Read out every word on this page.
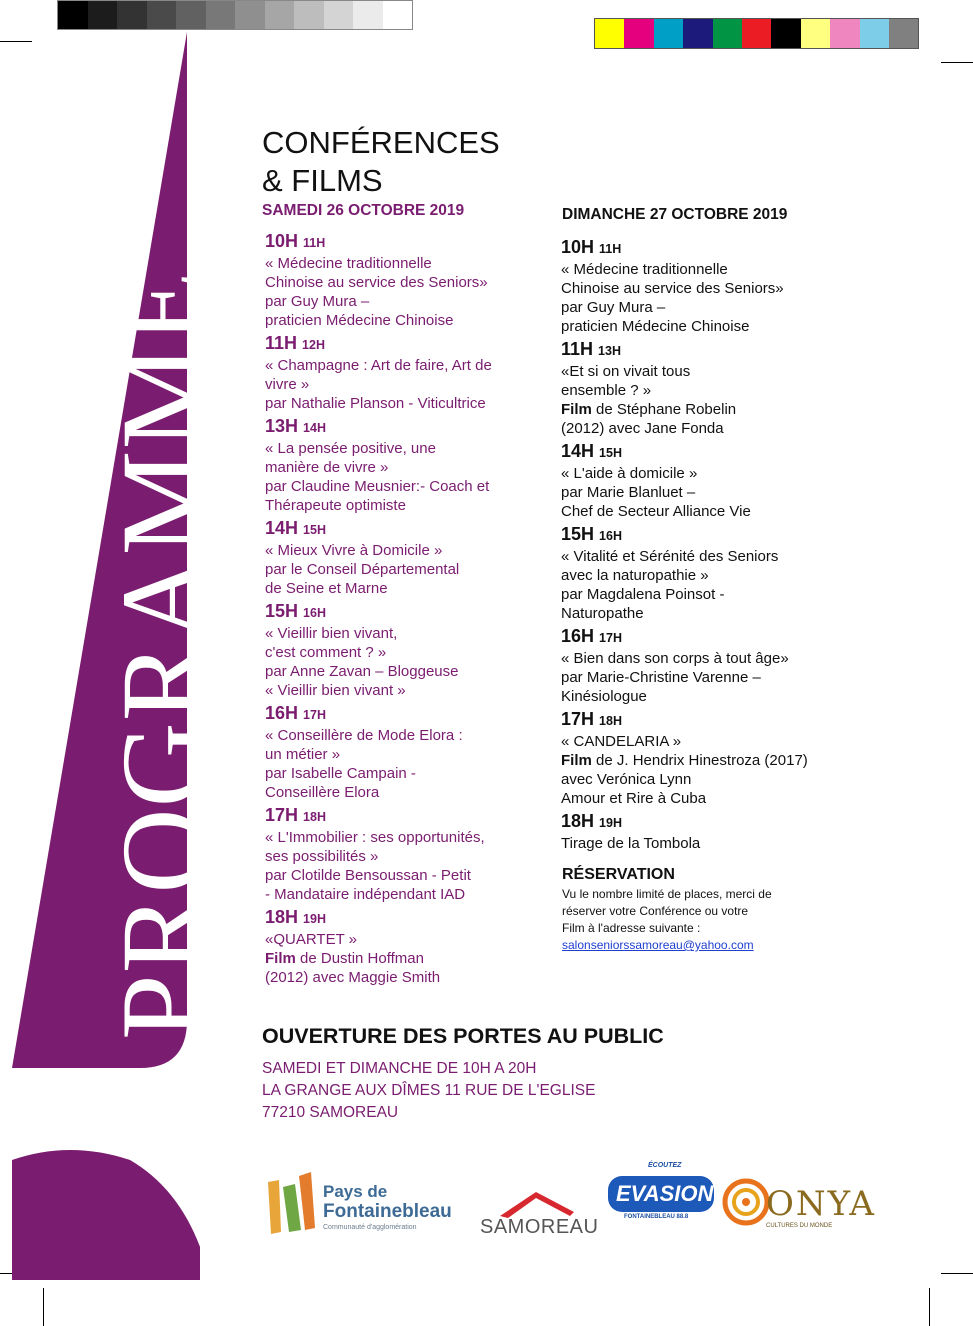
PROGRAMME
CONFÉRENCES
& FILMS
SAMEDI 26 OCTOBRE 2019	DIMANCHE 27 OCTOBRE 2019
10H 11H
« Médecine traditionnelle
Chinoise au service des Seniors»
par Guy Mura –
praticien Médecine Chinoise
11H 12H
« Champagne : Art de faire, Art de
vivre »
par Nathalie Planson - Viticultrice
13H 14H
« La pensée positive, une
manière de vivre »
par Claudine Meusnier:- Coach et
Thérapeute optimiste
14H 15H
« Mieux Vivre à Domicile »
par le Conseil Départemental
de Seine et Marne
15H 16H
« Vieillir bien vivant,
c'est comment ? »
par Anne Zavan – Bloggeuse
« Vieillir bien vivant »
16H 17H
« Conseillère de Mode Elora :
un métier »
par Isabelle Campain -
Conseillère Elora
17H 18H
« L'Immobilier : ses opportunités,
ses possibilités »
par Clotilde Bensoussan - Petit
- Mandataire indépendant IAD
18H 19H
«QUARTET »
Film de Dustin Hoffman
(2012) avec Maggie Smith
10H 11H
« Médecine traditionnelle
Chinoise au service des Seniors»
par Guy Mura –
praticien Médecine Chinoise
11H 13H
«Et si on vivait tous
ensemble ? »
Film de Stéphane Robelin
(2012) avec Jane Fonda
14H 15H
« L'aide à domicile »
par Marie Blanluet –
Chef de Secteur Alliance Vie
15H 16H
« Vitalité et Sérénité des Seniors
avec la naturopathie »
par Magdalena Poinsot -
Naturopathe
16H 17H
« Bien dans son corps à tout âge»
par Marie-Christine Varenne –
Kinésiologue
17H 18H
« CANDELARIA »
Film de J. Hendrix Hinestroza (2017)
avec Verónica Lynn
Amour et Rire à Cuba
18H 19H
Tirage de la Tombola
RÉSERVATION
Vu le nombre limité de places, merci de
réserver votre Conférence ou votre
Film à l'adresse suivante :
salonseniorssamoreau@yahoo.com
OUVERTURE DES PORTES AU PUBLIC
SAMEDI ET DIMANCHE DE 10H A 20H
LA GRANGE AUX DÎMES 11 RUE DE L'EGLISE
77210 SAMOREAU
Pays de
Fontainebleau
Communauté d'agglomération	SAMOREAU
ÉCOUTEZ
EVASION
FONTAINEBLEAU 88.8 ONYA
CULTURES DU MONDE
